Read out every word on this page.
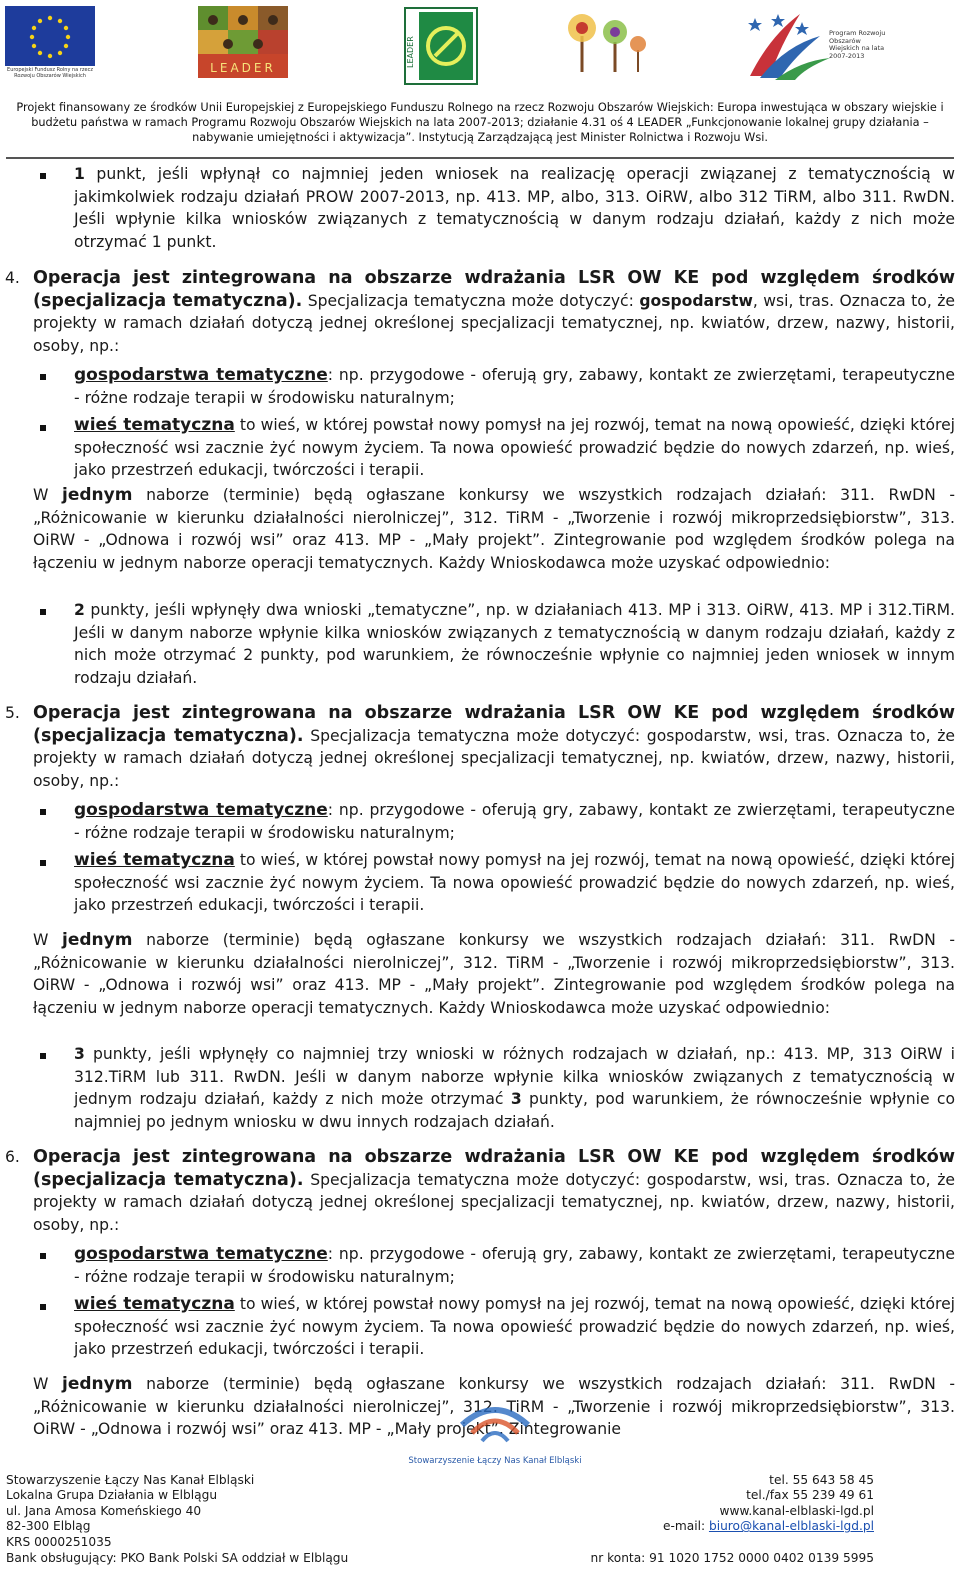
Europejski Fundusz Rolny na rzecz Rozwoju Obszarów Wiejskich
LEADER	LEADER
Program Rozwoju Obszarów Wiejskich na lata 2007-2013
Projekt finansowany ze środków Unii Europejskiej z Europejskiego Funduszu Rolnego na rzecz Rozwoju Obszarów Wiejskich: Europa inwestująca w obszary wiejskie i budżetu państwa w ramach Programu Rozwoju Obszarów Wiejskich na lata 2007-2013; działanie 4.31 oś 4 LEADER „Funkcjonowanie lokalnej grupy działania – nabywanie umiejętności i aktywizacja”. Instytucją Zarządzającą jest Minister Rolnictwa i Rozwoju Wsi.

1 punkt, jeśli wpłynął co najmniej jeden wniosek na realizację operacji związanej z tematycznością w jakimkolwiek rodzaju działań PROW 2007-2013, np. 413. MP, albo, 313. OiRW, albo 312 TiRM, albo 311. RwDN. Jeśli wpłynie kilka wniosków związanych z tematycznością w danym rodzaju działań, każdy z nich może otrzymać 1 punkt.

4. Operacja jest zintegrowana na obszarze wdrażania LSR OW KE pod względem środków (specjalizacja tematyczna). Specjalizacja tematyczna może dotyczyć: gospodarstw, wsi, tras. Oznacza to, że projekty w ramach działań dotyczą jednej określonej specjalizacji tematycznej, np. kwiatów, drzew, nazwy, historii, osoby, np.:

gospodarstwa tematyczne: np. przygodowe - oferują gry, zabawy, kontakt ze zwierzętami, terapeutyczne - różne rodzaje terapii w środowisku naturalnym;

wieś tematyczna to wieś, w której powstał nowy pomysł na jej rozwój, temat na nową opowieść, dzięki której społeczność wsi zacznie żyć nowym życiem. Ta nowa opowieść prowadzić będzie do nowych zdarzeń, np. wieś, jako przestrzeń edukacji, twórczości i terapii.

W jednym naborze (terminie) będą ogłaszane konkursy we wszystkich rodzajach działań: 311. RwDN - „Różnicowanie w kierunku działalności nierolniczej”, 312. TiRM - „Tworzenie i rozwój mikroprzedsiębiorstw”, 313. OiRW - „Odnowa i rozwój wsi” oraz 413. MP - „Mały projekt”. Zintegrowanie pod względem środków polega na łączeniu w jednym naborze operacji tematycznych. Każdy Wnioskodawca może uzyskać odpowiednio:

2 punkty, jeśli wpłynęły dwa wnioski „tematyczne”, np. w działaniach 413. MP i 313. OiRW, 413. MP i 312.TiRM. Jeśli w danym naborze wpłynie kilka wniosków związanych z tematycznością w danym rodzaju działań, każdy z nich może otrzymać 2 punkty, pod warunkiem, że równocześnie wpłynie co najmniej jeden wniosek w innym rodzaju działań.

5. Operacja jest zintegrowana na obszarze wdrażania LSR OW KE pod względem środków (specjalizacja tematyczna). Specjalizacja tematyczna może dotyczyć: gospodarstw, wsi, tras. Oznacza to, że projekty w ramach działań dotyczą jednej określonej specjalizacji tematycznej, np. kwiatów, drzew, nazwy, historii, osoby, np.:

gospodarstwa tematyczne: np. przygodowe - oferują gry, zabawy, kontakt ze zwierzętami, terapeutyczne - różne rodzaje terapii w środowisku naturalnym;

wieś tematyczna to wieś, w której powstał nowy pomysł na jej rozwój, temat na nową opowieść, dzięki której społeczność wsi zacznie żyć nowym życiem. Ta nowa opowieść prowadzić będzie do nowych zdarzeń, np. wieś, jako przestrzeń edukacji, twórczości i terapii.

W jednym naborze (terminie) będą ogłaszane konkursy we wszystkich rodzajach działań: 311. RwDN - „Różnicowanie w kierunku działalności nierolniczej”, 312. TiRM - „Tworzenie i rozwój mikroprzedsiębiorstw”, 313. OiRW - „Odnowa i rozwój wsi” oraz 413. MP - „Mały projekt”. Zintegrowanie pod względem środków polega na łączeniu w jednym naborze operacji tematycznych. Każdy Wnioskodawca może uzyskać odpowiednio:

3 punkty, jeśli wpłynęły co najmniej trzy wnioski w różnych rodzajach w działań, np.: 413. MP, 313 OiRW i 312.TiRM lub 311. RwDN. Jeśli w danym naborze wpłynie kilka wniosków związanych z tematycznością w jednym rodzaju działań, każdy z nich może otrzymać 3 punkty, pod warunkiem, że równocześnie wpłynie co najmniej po jednym wniosku w dwu innych rodzajach działań.

6. Operacja jest zintegrowana na obszarze wdrażania LSR OW KE pod względem środków (specjalizacja tematyczna). Specjalizacja tematyczna może dotyczyć: gospodarstw, wsi, tras. Oznacza to, że projekty w ramach działań dotyczą jednej określonej specjalizacji tematycznej, np. kwiatów, drzew, nazwy, historii, osoby, np.:

gospodarstwa tematyczne: np. przygodowe - oferują gry, zabawy, kontakt ze zwierzętami, terapeutyczne - różne rodzaje terapii w środowisku naturalnym;

wieś tematyczna to wieś, w której powstał nowy pomysł na jej rozwój, temat na nową opowieść, dzięki której społeczność wsi zacznie żyć nowym życiem. Ta nowa opowieść prowadzić będzie do nowych zdarzeń, np. wieś, jako przestrzeń edukacji, twórczości i terapii.

W jednym naborze (terminie) będą ogłaszane konkursy we wszystkich rodzajach działań: 311. RwDN - „Różnicowanie w kierunku działalności nierolniczej”, 312. TiRM - „Tworzenie i rozwój mikroprzedsiębiorstw”, 313. OiRW - „Odnowa i rozwój wsi” oraz 413. MP - „Mały projekt”. Zintegrowanie

Stowarzyszenie Łączy Nas Kanał Elbląski
Stowarzyszenie Łączy Nas Kanał Elbląski
Lokalna Grupa Działania w Elblągu
ul. Jana Amosa Komeńskiego 40
82-300 Elbląg
KRS 0000251035
tel. 55 643 58 45
tel./fax 55 239 49 61
www.kanal-elblaski-lgd.pl
e-mail: biuro@kanal-elblaski-lgd.pl
Bank obsługujący: PKO Bank Polski SA oddział w Elblągu	nr konta: 91 1020 1752 0000 0402 0139 5995
